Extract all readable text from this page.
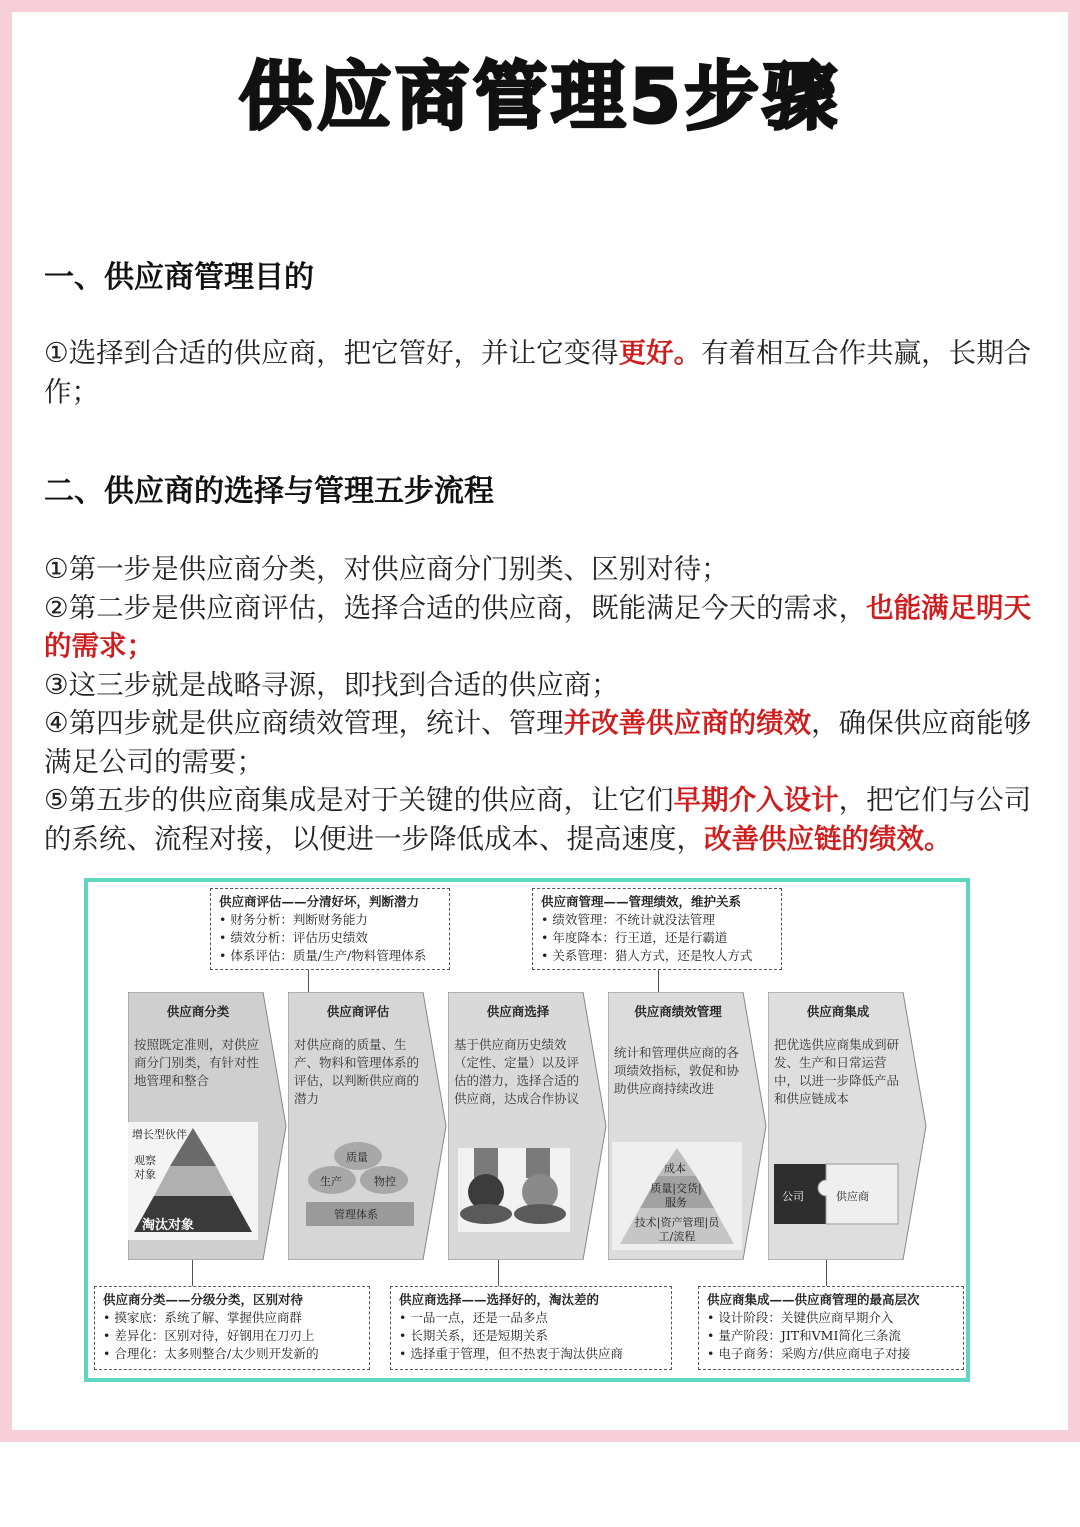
供应商管理5步骤
一、供应商管理目的
①选择到合适的供应商，把它管好，并让它变得更好。有着相互合作共赢，长期合作；
二、供应商的选择与管理五步流程
①第一步是供应商分类，对供应商分门别类、区别对待；
②第二步是供应商评估，选择合适的供应商，既能满足今天的需求，也能满足明天的需求；
③这三步就是战略寻源，即找到合适的供应商；
④第四步就是供应商绩效管理，统计、管理并改善供应商的绩效，确保供应商能够满足公司的需要；
⑤第五步的供应商集成是对于关键的供应商，让它们早期介入设计，把它们与公司的系统、流程对接，以便进一步降低成本、提高速度，改善供应链的绩效。
供应商评估——分清好坏，判断潜力
• 财务分析：判断财务能力
• 绩效分析：评估历史绩效
• 体系评估：质量/生产/物料管理体系
供应商管理——管理绩效，维护关系
• 绩效管理：不统计就没法管理
• 年度降本：行王道，还是行霸道
• 关系管理：猎人方式，还是牧人方式
供应商分类
按照既定准则，对供应商分门别类，有针对性地管理和整合
增长型伙伴
观察对象
淘汰对象
供应商评估
对供应商的质量、生产、物料和管理体系的评估，以判断供应商的潜力
质量
生产	物控
管理体系
供应商选择
基于供应商历史绩效（定性、定量）以及评估的潜力，选择合适的供应商，达成合作协议
供应商绩效管理
统计和管理供应商的各项绩效指标，敦促和协助供应商持续改进
成本
质量|交货|服务
技术|资产管理|员工/流程
供应商集成
把优选供应商集成到研发、生产和日常运营中，以进一步降低产品和供应链成本
公司	供应商
供应商分类——分级分类，区别对待
• 摸家底：系统了解、掌握供应商群
• 差异化：区别对待，好钢用在刀刃上
• 合理化：太多则整合/太少则开发新的
供应商选择——选择好的，淘汰差的
• 一品一点，还是一品多点
• 长期关系，还是短期关系
• 选择重于管理，但不热衷于淘汰供应商
供应商集成——供应商管理的最高层次
• 设计阶段：关键供应商早期介入
• 量产阶段：JIT和VMI简化三条流
• 电子商务：采购方/供应商电子对接
